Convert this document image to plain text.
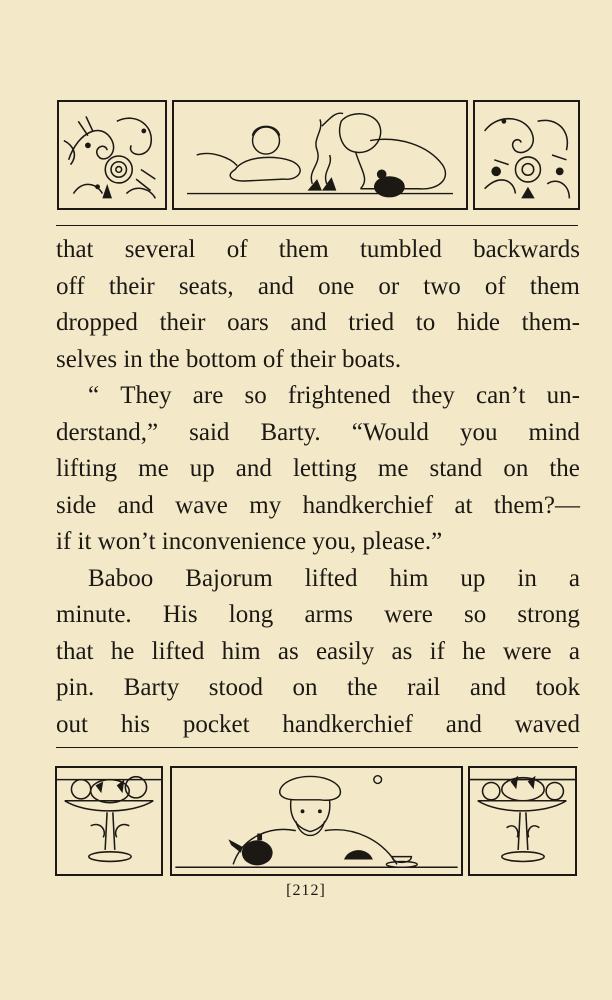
that several of them tumbled backwards
off their seats, and one or two of them
dropped their oars and tried to hide them-
selves in the bottom of their boats.
“ They are so frightened they can’t un-
derstand,” said Barty. “Would you mind
lifting me up and letting me stand on the
side and wave my handkerchief at them?—
if it won’t inconvenience you, please.”
Baboo Bajorum lifted him up in a
minute. His long arms were so strong
that he lifted him as easily as if he were a
pin. Barty stood on the rail and took
out his pocket handkerchief and waved
[212]
